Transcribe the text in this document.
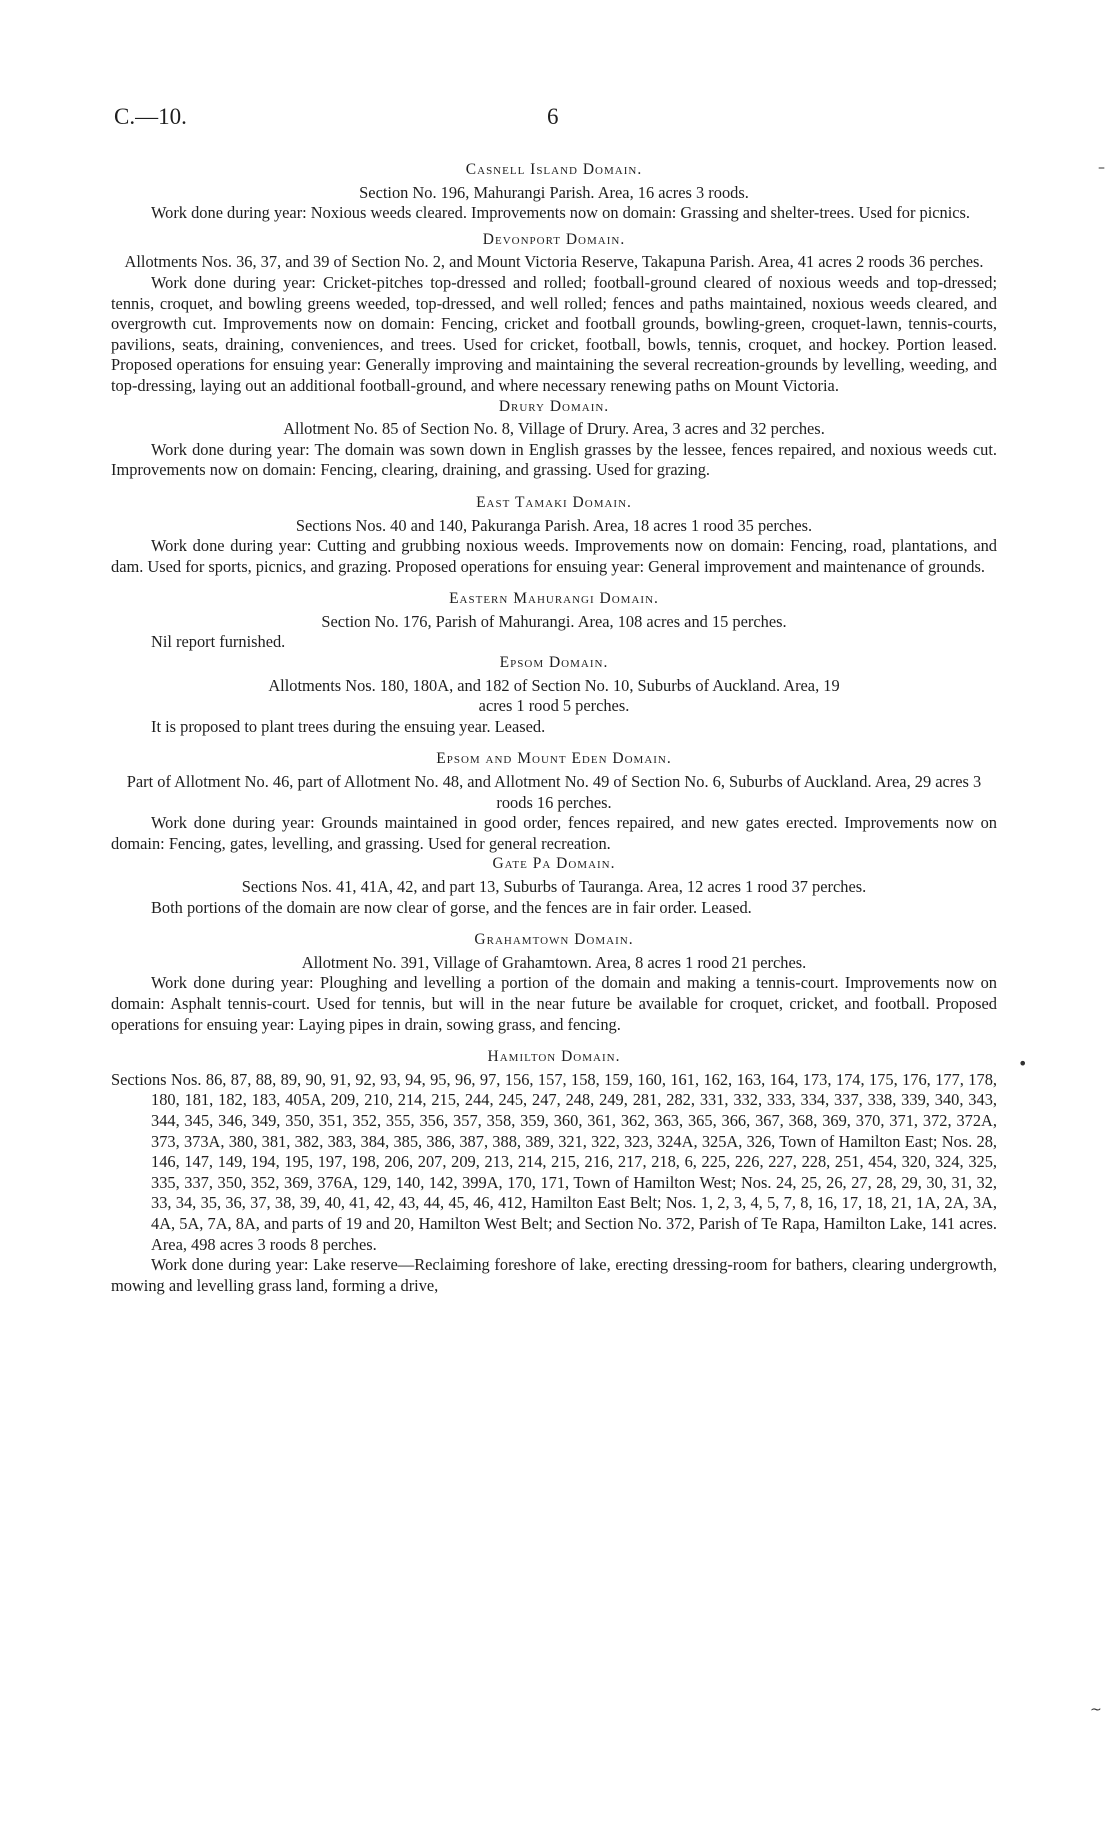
C.—10.	6
Casnell Island Domain.
Section No. 196, Mahurangi Parish. Area, 16 acres 3 roods.
Work done during year: Noxious weeds cleared. Improvements now on domain: Grassing and shelter-trees. Used for picnics.
Devonport Domain.
Allotments Nos. 36, 37, and 39 of Section No. 2, and Mount Victoria Reserve, Takapuna Parish. Area, 41 acres 2 roods 36 perches.
Work done during year: Cricket-pitches top-dressed and rolled; football-ground cleared of noxious weeds and top-dressed; tennis, croquet, and bowling greens weeded, top-dressed, and well rolled; fences and paths maintained, noxious weeds cleared, and overgrowth cut. Improvements now on domain: Fencing, cricket and football grounds, bowling-green, croquet-lawn, tennis-courts, pavilions, seats, draining, conveniences, and trees. Used for cricket, football, bowls, tennis, croquet, and hockey. Portion leased. Proposed operations for ensuing year: Generally improving and maintaining the several recreation-grounds by levelling, weeding, and top-dressing, laying out an additional football-ground, and where necessary renewing paths on Mount Victoria.
Drury Domain.
Allotment No. 85 of Section No. 8, Village of Drury. Area, 3 acres and 32 perches.
Work done during year: The domain was sown down in English grasses by the lessee, fences repaired, and noxious weeds cut. Improvements now on domain: Fencing, clearing, draining, and grassing. Used for grazing.
East Tamaki Domain.
Sections Nos. 40 and 140, Pakuranga Parish. Area, 18 acres 1 rood 35 perches.
Work done during year: Cutting and grubbing noxious weeds. Improvements now on domain: Fencing, road, plantations, and dam. Used for sports, picnics, and grazing. Proposed operations for ensuing year: General improvement and maintenance of grounds.
Eastern Mahurangi Domain.
Section No. 176, Parish of Mahurangi. Area, 108 acres and 15 perches.
Nil report furnished.
Epsom Domain.
Allotments Nos. 180, 180A, and 182 of Section No. 10, Suburbs of Auckland. Area, 19 acres 1 rood 5 perches.
It is proposed to plant trees during the ensuing year. Leased.
Epsom and Mount Eden Domain.
Part of Allotment No. 46, part of Allotment No. 48, and Allotment No. 49 of Section No. 6, Suburbs of Auckland. Area, 29 acres 3 roods 16 perches.
Work done during year: Grounds maintained in good order, fences repaired, and new gates erected. Improvements now on domain: Fencing, gates, levelling, and grassing. Used for general recreation.
Gate Pa Domain.
Sections Nos. 41, 41A, 42, and part 13, Suburbs of Tauranga. Area, 12 acres 1 rood 37 perches.
Both portions of the domain are now clear of gorse, and the fences are in fair order. Leased.
Grahamtown Domain.
Allotment No. 391, Village of Grahamtown. Area, 8 acres 1 rood 21 perches.
Work done during year: Ploughing and levelling a portion of the domain and making a tennis-court. Improvements now on domain: Asphalt tennis-court. Used for tennis, but will in the near future be available for croquet, cricket, and football. Proposed operations for ensuing year: Laying pipes in drain, sowing grass, and fencing.
Hamilton Domain.
Sections Nos. 86, 87, 88, 89, 90, 91, 92, 93, 94, 95, 96, 97, 156, 157, 158, 159, 160, 161, 162, 163, 164, 173, 174, 175, 176, 177, 178, 180, 181, 182, 183, 405A, 209, 210, 214, 215, 244, 245, 247, 248, 249, 281, 282, 331, 332, 333, 334, 337, 338, 339, 340, 343, 344, 345, 346, 349, 350, 351, 352, 355, 356, 357, 358, 359, 360, 361, 362, 363, 365, 366, 367, 368, 369, 370, 371, 372, 372A, 373, 373A, 380, 381, 382, 383, 384, 385, 386, 387, 388, 389, 321, 322, 323, 324A, 325A, 326, Town of Hamilton East; Nos. 28, 146, 147, 149, 194, 195, 197, 198, 206, 207, 209, 213, 214, 215, 216, 217, 218, 6, 225, 226, 227, 228, 251, 454, 320, 324, 325, 335, 337, 350, 352, 369, 376A, 129, 140, 142, 399A, 170, 171, Town of Hamilton West; Nos. 24, 25, 26, 27, 28, 29, 30, 31, 32, 33, 34, 35, 36, 37, 38, 39, 40, 41, 42, 43, 44, 45, 46, 412, Hamilton East Belt; Nos. 1, 2, 3, 4, 5, 7, 8, 16, 17, 18, 21, 1A, 2A, 3A, 4A, 5A, 7A, 8A, and parts of 19 and 20, Hamilton West Belt; and Section No. 372, Parish of Te Rapa, Hamilton Lake, 141 acres. Area, 498 acres 3 roods 8 perches.
Work done during year: Lake reserve—Reclaiming foreshore of lake, erecting dressing-room for bathers, clearing undergrowth, mowing and levelling grass land, forming a drive,
–
•
~
